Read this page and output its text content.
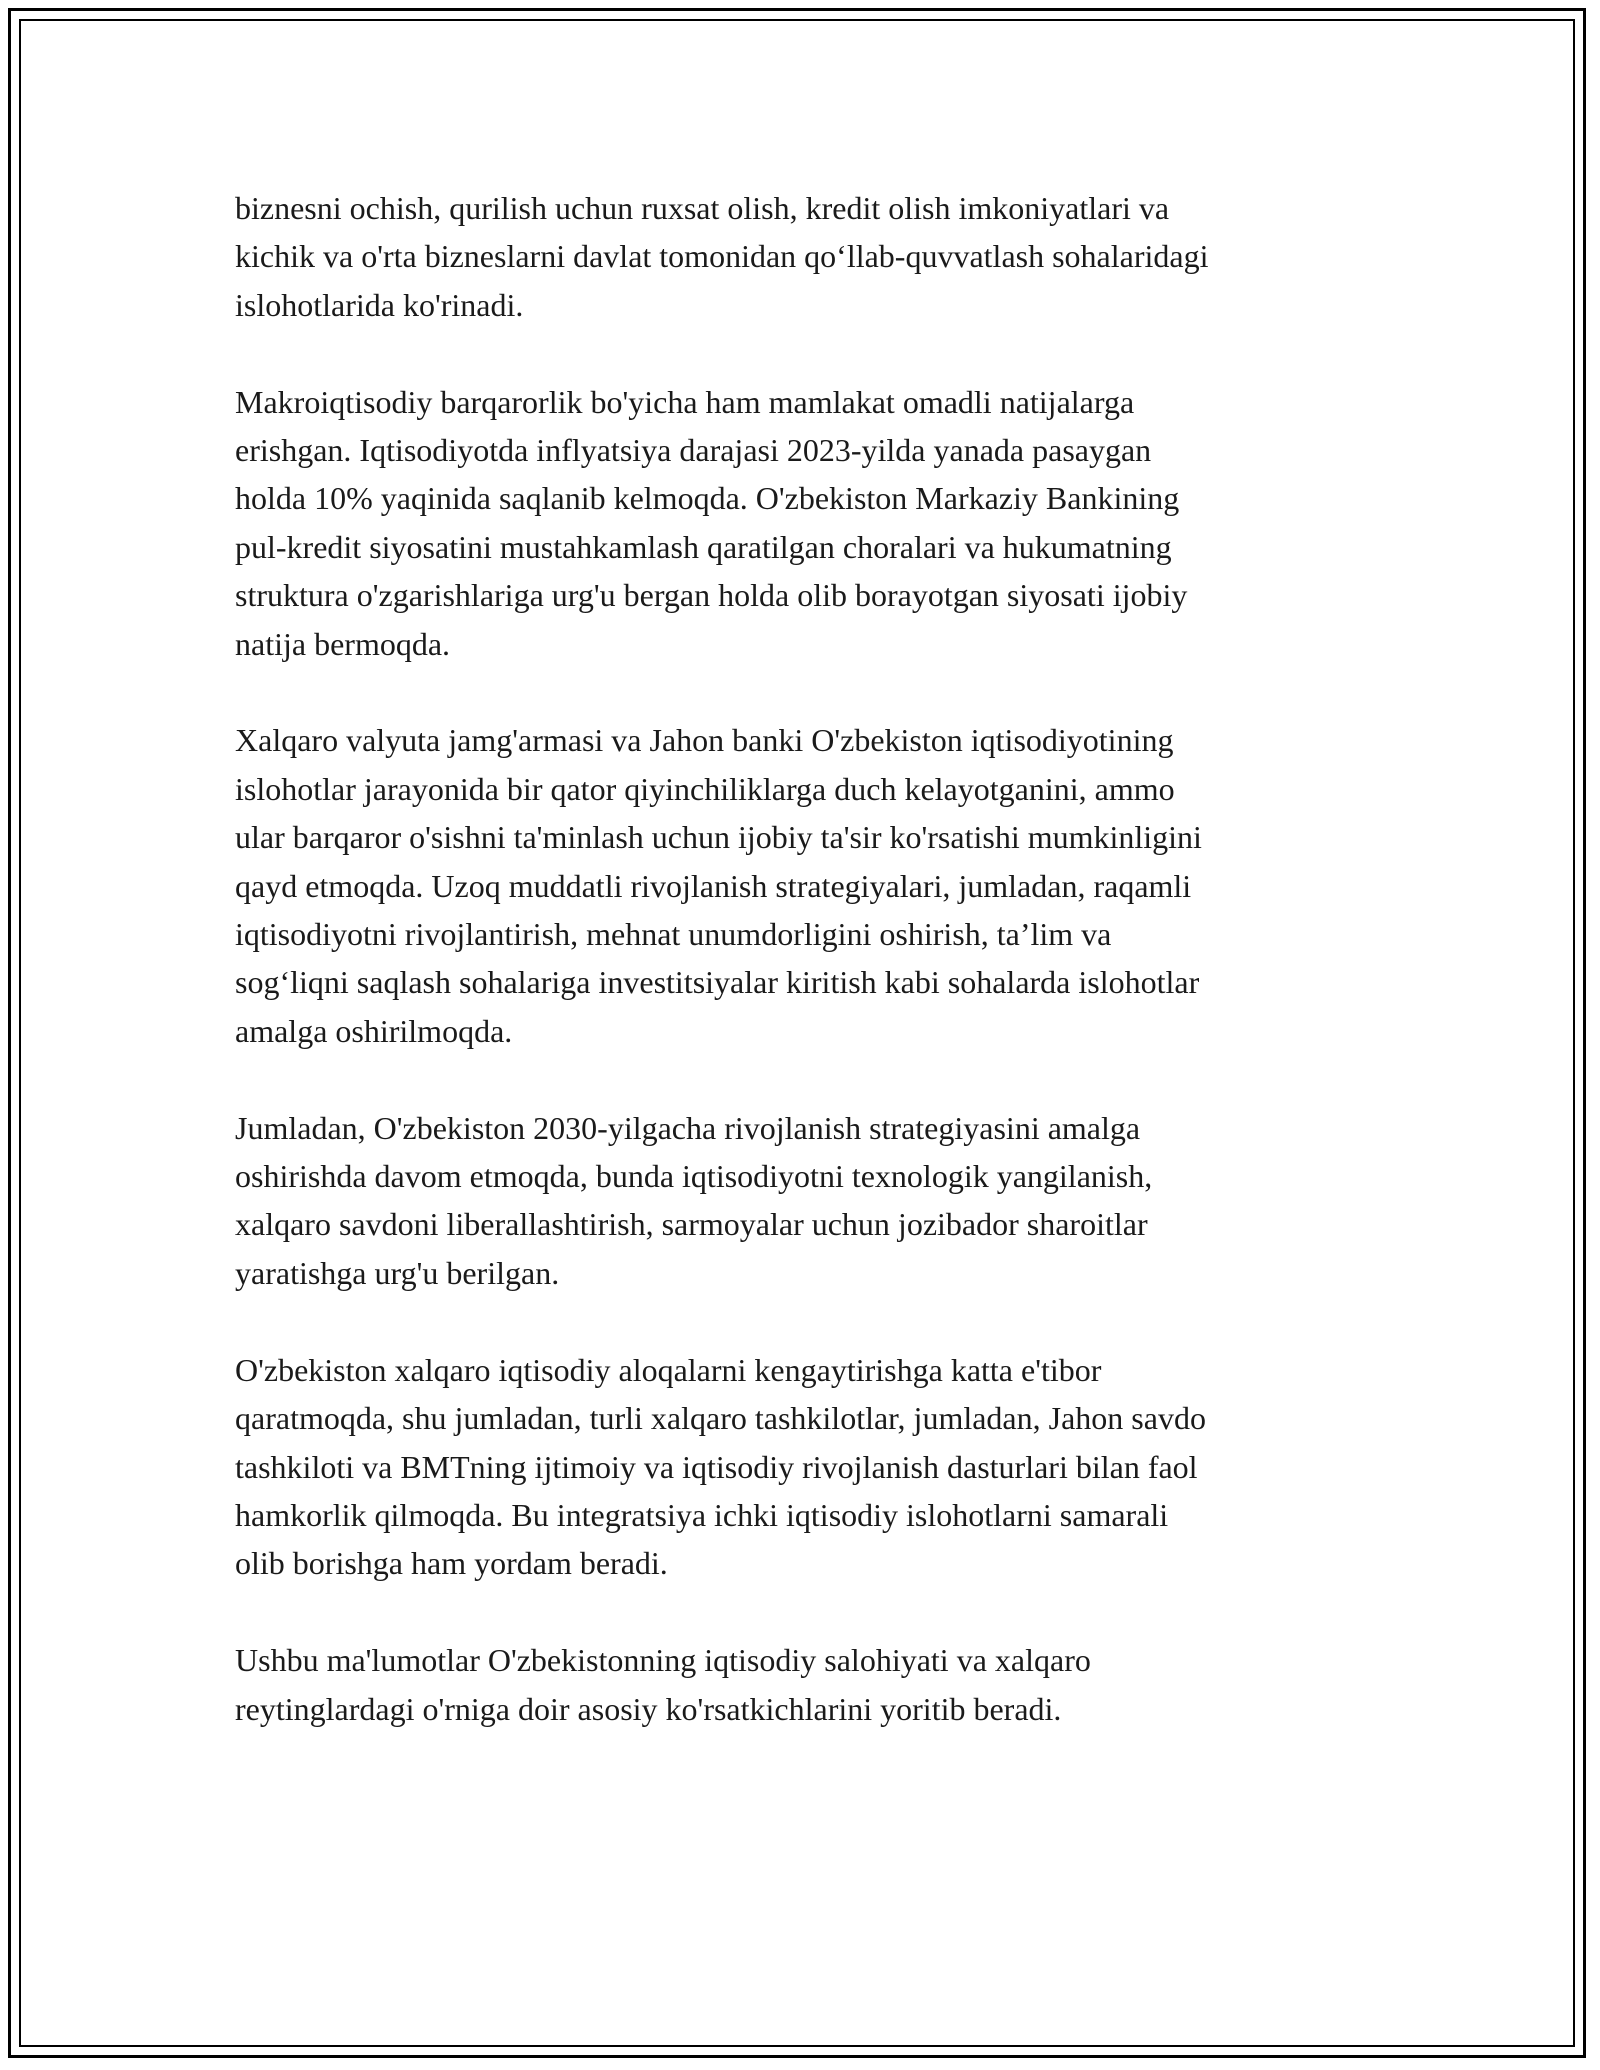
biznesni ochish, qurilish uchun ruxsat olish, kredit olish imkoniyatlari va
kichik va o'rta bizneslarni davlat tomonidan qo‘llab-quvvatlash sohalaridagi
islohotlarida ko'rinadi.

Makroiqtisodiy barqarorlik bo'yicha ham mamlakat omadli natijalarga
erishgan. Iqtisodiyotda inflyatsiya darajasi 2023-yilda yanada pasaygan
holda 10% yaqinida saqlanib kelmoqda. O'zbekiston Markaziy Bankining
pul-kredit siyosatini mustahkamlash qaratilgan choralari va hukumatning
struktura o'zgarishlariga urg'u bergan holda olib borayotgan siyosati ijobiy
natija bermoqda.

Xalqaro valyuta jamg'armasi va Jahon banki O'zbekiston iqtisodiyotining
islohotlar jarayonida bir qator qiyinchiliklarga duch kelayotganini, ammo
ular barqaror o'sishni ta'minlash uchun ijobiy ta'sir ko'rsatishi mumkinligini
qayd etmoqda. Uzoq muddatli rivojlanish strategiyalari, jumladan, raqamli
iqtisodiyotni rivojlantirish, mehnat unumdorligini oshirish, ta’lim va
sog‘liqni saqlash sohalariga investitsiyalar kiritish kabi sohalarda islohotlar
amalga oshirilmoqda.

Jumladan, O'zbekiston 2030-yilgacha rivojlanish strategiyasini amalga
oshirishda davom etmoqda, bunda iqtisodiyotni texnologik yangilanish,
xalqaro savdoni liberallashtirish, sarmoyalar uchun jozibador sharoitlar
yaratishga urg'u berilgan.

O'zbekiston xalqaro iqtisodiy aloqalarni kengaytirishga katta e'tibor
qaratmoqda, shu jumladan, turli xalqaro tashkilotlar, jumladan, Jahon savdo
tashkiloti va BMTning ijtimoiy va iqtisodiy rivojlanish dasturlari bilan faol
hamkorlik qilmoqda. Bu integratsiya ichki iqtisodiy islohotlarni samarali
olib borishga ham yordam beradi.

Ushbu ma'lumotlar O'zbekistonning iqtisodiy salohiyati va xalqaro
reytinglardagi o'rniga doir asosiy ko'rsatkichlarini yoritib beradi.
